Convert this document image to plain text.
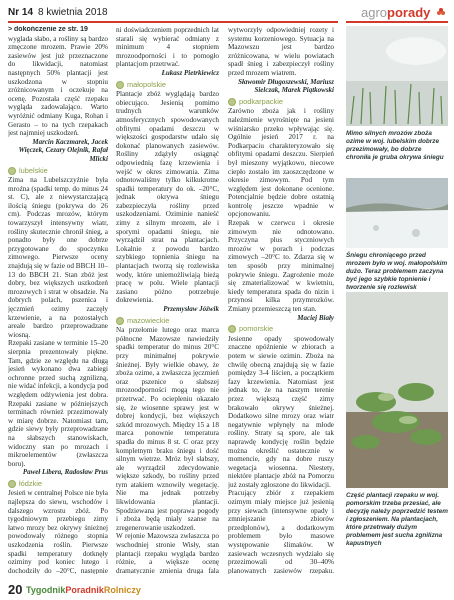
Nr 14 8 kwietnia 2018	agroporady

> dokończenie ze str. 19

wyglada słabo, a rośliny są bardzo zmęczone mrozem. Prawie 20% zasiewów jest już przeznaczone do likwidacji, natomiast następnych 50% plantacji jest uszkodzona w stopniu zróżnicowanym i oczekuje na ocenę. Pozostała część rzepaku wygląda zadowalająco. Warto wyróżnić odmiany Kuga, Rohan i Gerasto – to na tych rzepakach jest najmniej uszkodzeń.

Marcin Kaczmarek, Jacek Więczek, Cezary Olejnik, Rafał Mlicki

lubelskie

Zima na Lubelszczyźnie była mroźna (spadki temp. do minus 24 st. C), ale z niewystarczającą ilością śniegu (pokrywa do 26 cm). Podczas mrozów, którym towarzyszył intensywny wiatr, rośliny skutecznie chronił śnieg, a ponadto były one dobrze przygotowane do spoczynku zimowego. Pierwsze oceny znajdują się w fazie od BBCH 10–13 do BBCH 21. Stan zbóż jest dobry, bez większych uszkodzeń mrozowych i strat w obsadzie. Na dobrych polach, pszenica i jęczmień ozimy zaczęły krzewienie, a na pozostałych areale bardzo przeprowadzane wiosną.

Rzepaki zasiane w terminie 15–20 sierpnia prezentowały piękne. Tam, gdzie ze względu na długą jesień wykonano dwa zabiegi ochronne przed suchą zgnilizną, nie widać infekcji, a kondycja pod względem odżywienia jest dobra. Rzepaki zasiane w późniejszych terminach również przezimowały w miarę dobrze. Natomiast tam, gdzie siewy były przeprowadzane na słabszych stanowiskach, widoczny stan po mrozach i mikroelementów (zwłaszcza boru).

Paweł Libera, Radosław Prus

łódzkie

Jesień w centralnej Polsce nie była najlepsza do siewu, wschodów i dalszego wzrostu zbóż. Po tygodniowym przebiegu zimy łatwo mrozy bez okrywy śnieżnej powodowały różnego stopnia uszkodzenia roślin. Pierwsze spadki temperatury dotknęły oziminy pod koniec lutego i dochodziły do –20°C, następnie

ni doświadczeniem poprzednich lat starali się wybierać odmiany z minimum 4 stopniem mrozoodporności i to pomogło plantacjom przetrwać.

Łukasz Pietrkiewicz

małopolskie

Plantacje zbóż wyglądają bardzo obiecująco. Jesienią pomimo trudnych warunków atmosferycznych spowodowanych obfitymi opadami deszczu w większości gospodarstw udało się dokonać planowanych zasiewów. Rośliny zdążyły osiągnąć odpowiednią fazę krzewienia i wejść w okres zimowania. Zima odnotowaliśmy tylko kilkukrotne spadki temperatury do ok. –20°C, jednak okrywa śniegu zabezpieczyła rośliny przed uszkodzeniami. Oziminie nanieść zimy z silnym mrozem, ale i sporymi opadami śniegu, nie wyrządził strat na plantacjach. Lokalnie z powodu bardzo szybkiego topnienia śniegu na plantacjach tworzą się rozlewiska wody, które uniemożliwiają bieżą pracę w polu. Wiele plantacji zasiano późno potrzebuje dokrewienia.

Przemysław Jóźwik

mazowieckie

Na przełomie lutego oraz marca północne Mazowsze nawiedziły spadki temperatur do minus 20°C przy minimalnej pokrywie śnieżnej. Były wielkie obawy, że zboża ozime, a zwłaszcza jęczmień oraz pszenice o słabszej mrozoodporności mogą tego nie przetrwać. Po ociepleniu okazało się, że wiosenne sprawy jest w dobrej kondycji, bez większych szkód mrozowych. Między 15 a 18 marca ponownie temperatura spadła do minus 8 st. C oraz przy kompletnym braku śniegu i dość silnym wietrze. Mróz był słabszy, ale wyrządził zdecydowanie większe szkody, bo rośliny przed tym atakiem wznowiły wegetację. Nie ma jednak potrzeby likwidowania plantacji. Spodziewana jest poprawa pogody i zboża będą miały szanse na zregenerowanie uszkodzeń.

W rejonie Mazowsza zwłaszcza po wschodniej stronie Wisły, stan plantacji rzepaku wygląda bardzo różnie, a większe ocenę dramatycznie zmienia druga fala

wytworzyły odpowiedniej rozety i systemu korzeniowego. Sytuacja na Mazowszu jest bardzo zróżnicowana, w wielu powiatach spadł śnieg i zabezpieczył rośliny przed mrozem wiatrem.

Sławomir Długoszewski, Mariusz Sielczak, Marek Piątkowski

podkarpackie

Zarówno zboża jak i rośliny naleźmienie wyrośnięte na jesieni wiśniarsko przeko wpływając się. Ogólnie jesień 2017 r. na Podkarpaciu charakteryzowało się obfitymi opadami deszczu. Sierpień był mieszony wyjątkowo, niecowe ciepło zostało im zaoszczędzone w okresie zimowym. Pod tym względem jest dokonane ocenione. Potencjalnie będzie dobre ostatnią kontrolę jeszcze wpadnie w opcjonowaniu.

Rzepak w czerwcu i okresie zimowym nie odnotowano. Przyczyna plus styczniowych mrozów w porach i podczas zimowych –20°C to. Zdarza się w ten sposób przy minimalnej pokrywie śniegu. Zagrożenie może się zmaterializować w kwietniu, kiedy temperatura spada do nizin i przynosi kilka przymrozków. Zmiany przemieszczą ten stan.

Maciej Biały

pomorskie

Jesienne opady spowodowały znaczne opóźnienie w zbiorach a potem w siewie ozimin. Zboża na chwilę obecną znajdują się w fazie pomiędzy 3-4 liścien, a początkiem fazy krzewienia. Natomiast jest jednak to, że na naszym terenie przez większą część zimy brakowało okrywy śnieżnej. Dodatkowo silne mrozy oraz wiatr negatywnie wpłynęły na młode rośliny. Straty są spore, ale tak naprawdę kondycję roślin będzie można określić ostatecznie w momencie, gdy na dobre ruszy wegetacja wiosenna. Niestety, niektóre plantacje zbóż na Pomorzu już zostały zgłoszone do likwidacji.

Pracujący zbiór z rzepakiem ozimym miały miejsce już jesienią przy siewach (intensywne opady i zmniejszanie zbiorów przedplonów), a dodatkowym problemem było masowe występowanie ślimaków. W zasiewach wczesnych wydziało się przezimowali od 30–40% planowanych zasiewów rzepaku.

Mimo silnych mrozów zboża ozime w woj. lubelskim dobrze przezimowały, bo dobrze chroniła je gruba okrywa śniegu
Śniegu chroniącego przed mrozem było w woj. małopolskim dużo. Teraz problemem zaczyna być jego szybkie topnienie i tworzenie się rozlewisk
Część plantacji rzepaku w woj. pomorskim trzeba przesiać, ale decyzję należy poprzedzić testem i zgłoszeniem. Na plantacjach, które przetrwały dużym problemem jest sucha zgnilizna kapustnych
20 TygodnikPoradnikRolniczy
